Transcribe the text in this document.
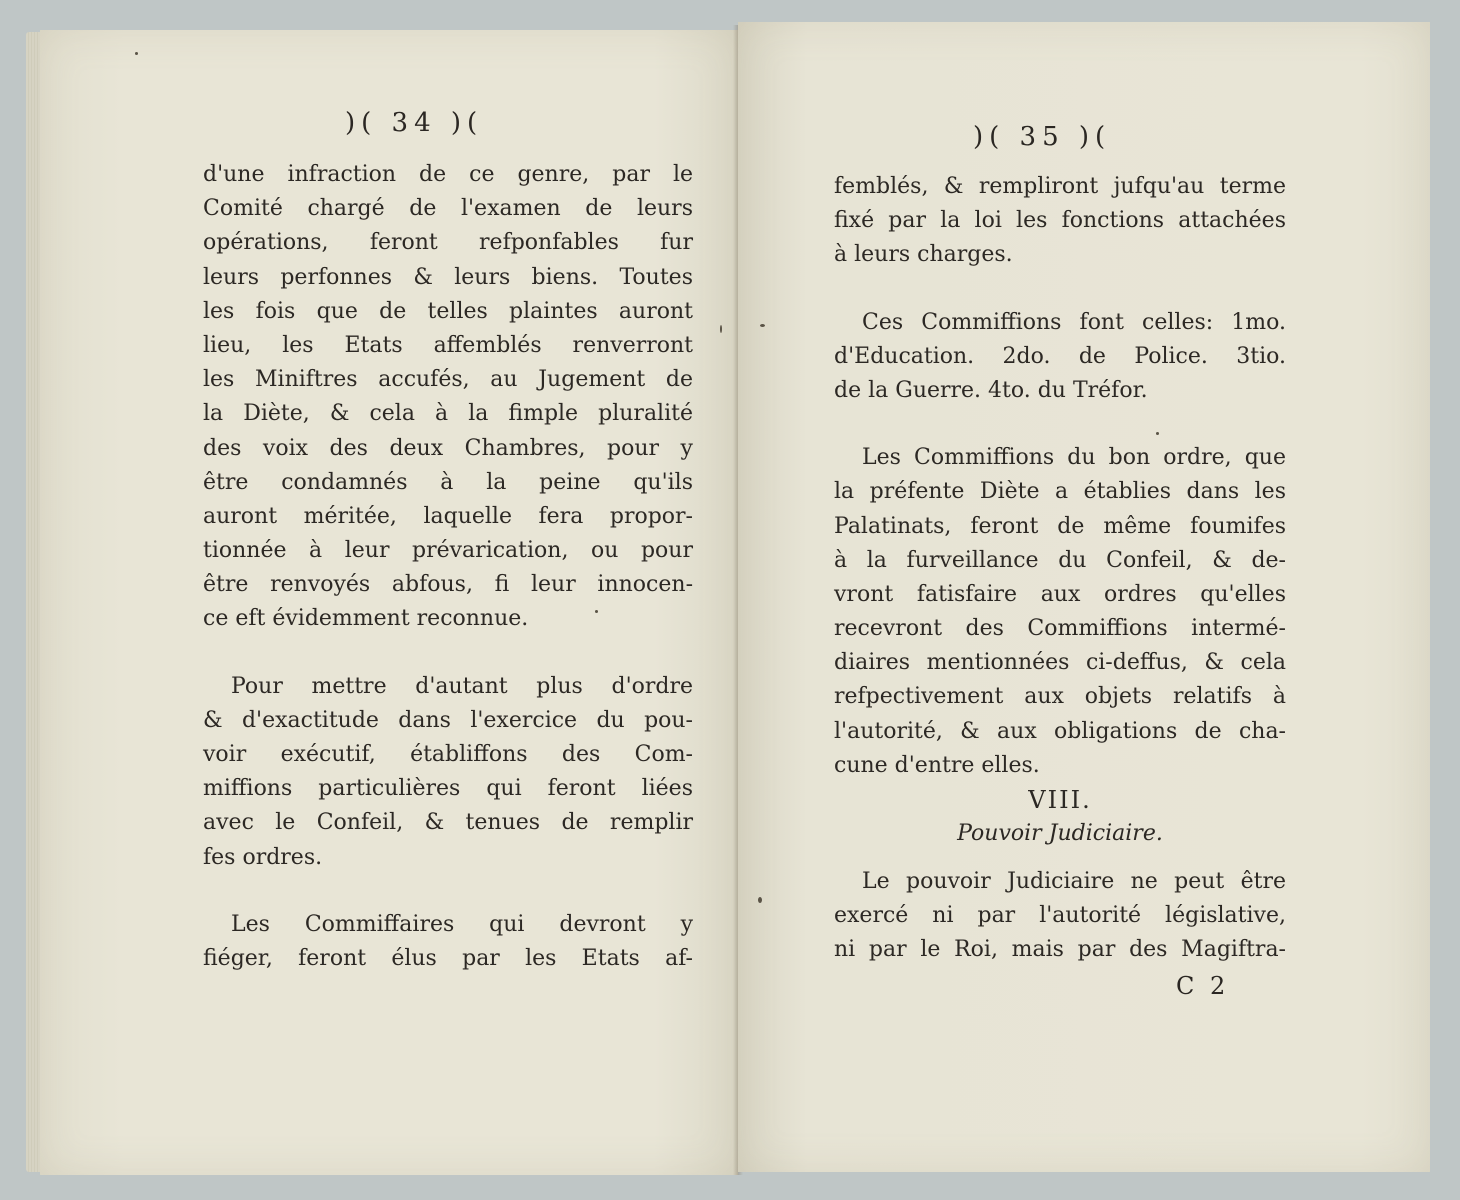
)( 34 )(
d'une infraction de ce genre, par le
Comité chargé de l'examen de leurs
opérations, feront refponfables fur
leurs perfonnes & leurs biens. Toutes
les fois que de telles plaintes auront
lieu, les Etats affemblés renverront
les Miniftres accufés, au Jugement de
la Diète, & cela à la fimple pluralité
des voix des deux Chambres, pour y
être condamnés à la peine qu'ils
auront méritée, laquelle fera propor-
tionnée à leur prévarication, ou pour
être renvoyés abfous, fi leur innocen-
ce eft évidemment reconnue.
Pour mettre d'autant plus d'ordre
& d'exactitude dans l'exercice du pou-
voir exécutif, établiffons des Com-
miffions particulières qui feront liées
avec le Confeil, & tenues de remplir
fes ordres.
Les Commiffaires qui devront y
fiéger, feront élus par les Etats af-
)( 35 )(
femblés, & rempliront jufqu'au terme
fixé par la loi les fonctions attachées
à leurs charges.
Ces Commiffions font celles: 1mo.
d'Education. 2do. de Police. 3tio.
de la Guerre. 4to. du Tréfor.
Les Commiffions du bon ordre, que
la préfente Diète a établies dans les
Palatinats, feront de même foumifes
à la furveillance du Confeil, & de-
vront fatisfaire aux ordres qu'elles
recevront des Commiffions intermé-
diaires mentionnées ci-deffus, & cela
refpectivement aux objets relatifs à
l'autorité, & aux obligations de cha-
cune d'entre elles.
VIII.
Pouvoir Judiciaire.
Le pouvoir Judiciaire ne peut être
exercé ni par l'autorité législative,
ni par le Roi, mais par des Magiftra-
C 2
